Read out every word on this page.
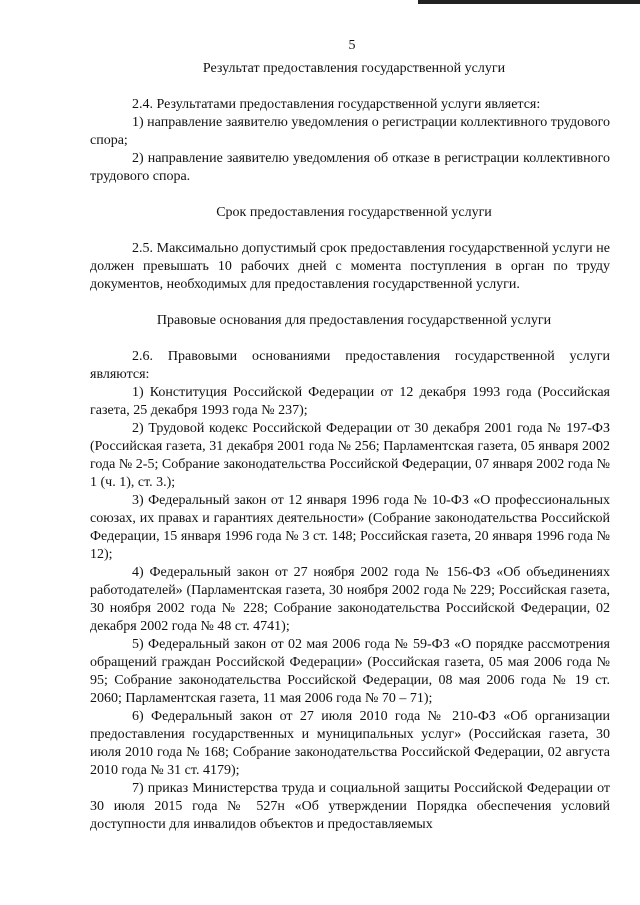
5
Результат предоставления государственной услуги

2.4. Результатами предоставления государственной услуги является:

1) направление заявителю уведомления о регистрации коллективного трудового спора;

2) направление заявителю уведомления об отказе в регистрации коллективного трудового спора.

Срок предоставления государственной услуги

2.5. Максимально допустимый срок предоставления государственной услуги не должен превышать 10 рабочих дней с момента поступления в орган по труду документов, необходимых для предоставления государственной услуги.

Правовые основания для предоставления государственной услуги

2.6. Правовыми основаниями предоставления государственной услуги являются:

1) Конституция Российской Федерации от 12 декабря 1993 года (Российская газета, 25 декабря 1993 года № 237);

2) Трудовой кодекс Российской Федерации от 30 декабря 2001 года № 197-ФЗ (Российская газета, 31 декабря 2001 года № 256; Парламентская газета, 05 января 2002 года № 2-5; Собрание законодательства Российской Федерации, 07 января 2002 года № 1 (ч. 1), ст. 3.);

3) Федеральный закон от 12 января 1996 года № 10-ФЗ «О профессиональных союзах, их правах и гарантиях деятельности» (Собрание законодательства Российской Федерации, 15 января 1996 года № 3 ст. 148; Российская газета, 20 января 1996 года № 12);

4) Федеральный закон от 27 ноября 2002 года № 156-ФЗ «Об объединениях работодателей» (Парламентская газета, 30 ноября 2002 года № 229; Российская газета, 30 ноября 2002 года № 228; Собрание законодательства Российской Федерации, 02 декабря 2002 года № 48 ст. 4741);

5) Федеральный закон от 02 мая 2006 года № 59-ФЗ «О порядке рассмотрения обращений граждан Российской Федерации» (Российская газета, 05 мая 2006 года № 95; Собрание законодательства Российской Федерации, 08 мая 2006 года № 19 ст. 2060; Парламентская газета, 11 мая 2006 года № 70 – 71);

6) Федеральный закон от 27 июля 2010 года № 210-ФЗ «Об организации предоставления государственных и муниципальных услуг» (Российская газета, 30 июля 2010 года № 168; Собрание законодательства Российской Федерации, 02 августа 2010 года № 31 ст. 4179);

7) приказ Министерства труда и социальной защиты Российской Федерации от 30 июля 2015 года № 527н «Об утверждении Порядка обеспечения условий доступности для инвалидов объектов и предоставляемых
